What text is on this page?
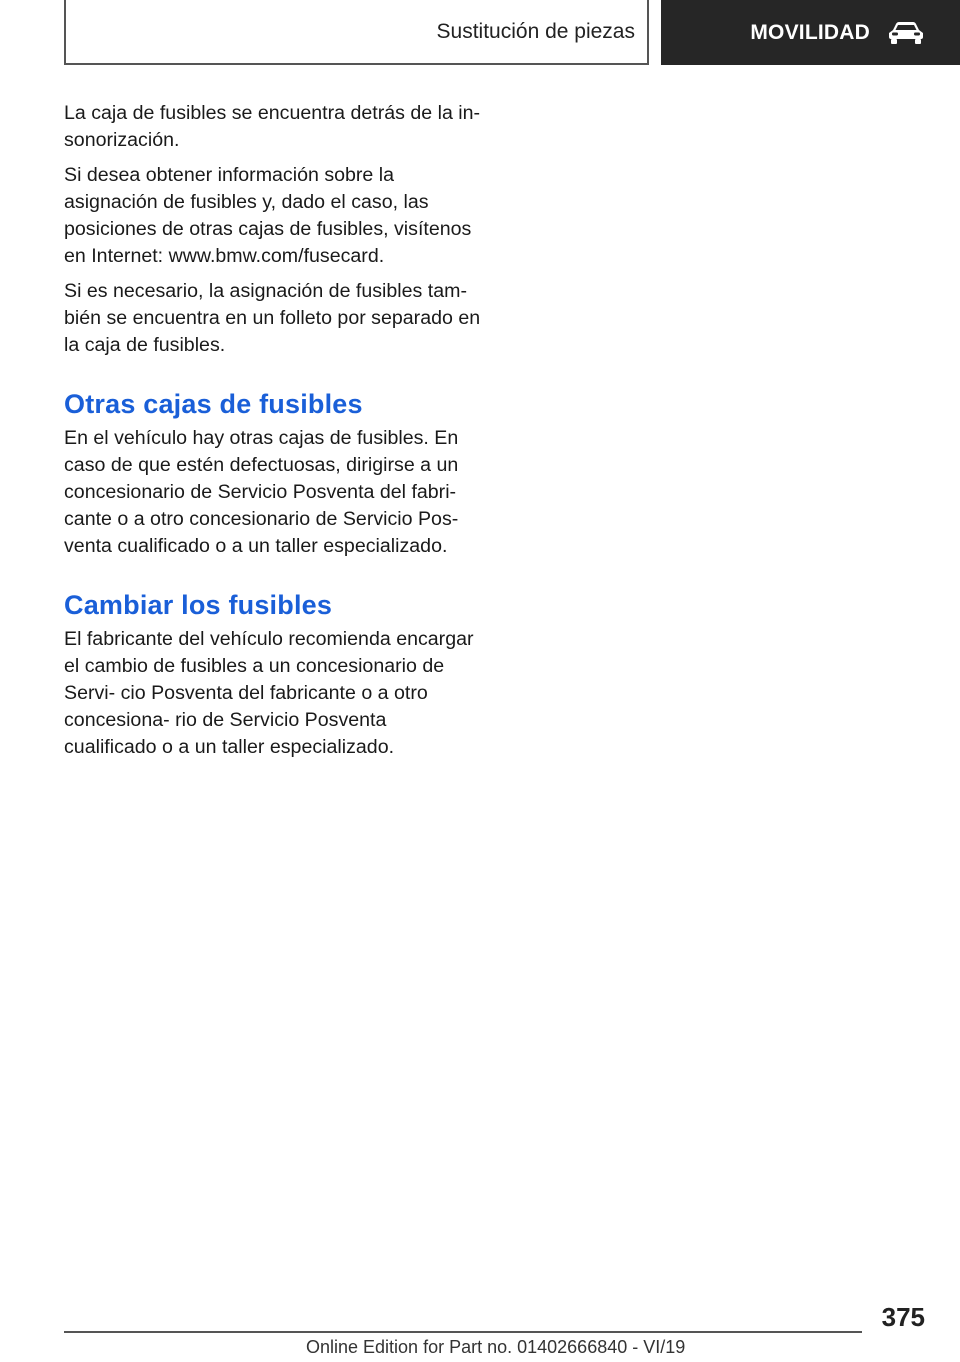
Sustitución de piezas	MOVILIDAD

La caja de fusibles se encuentra detrás de la in‐ sonorización.

Si desea obtener información sobre la asignación de fusibles y, dado el caso, las posiciones de otras cajas de fusibles, visítenos en Internet: www.bmw.com/fusecard.

Si es necesario, la asignación de fusibles tam‐ bién se encuentra en un folleto por separado en la caja de fusibles.

Otras cajas de fusibles

En el vehículo hay otras cajas de fusibles. En caso de que estén defectuosas, dirigirse a un concesionario de Servicio Posventa del fabri‐ cante o a otro concesionario de Servicio Pos‐ venta cualificado o a un taller especializado.

Cambiar los fusibles

El fabricante del vehículo recomienda encargar el cambio de fusibles a un concesionario de Servi‐ cio Posventa del fabricante o a otro concesiona‐ rio de Servicio Posventa cualificado o a un taller especializado.

375
Online Edition for Part no. 01402666840 - VI/19
